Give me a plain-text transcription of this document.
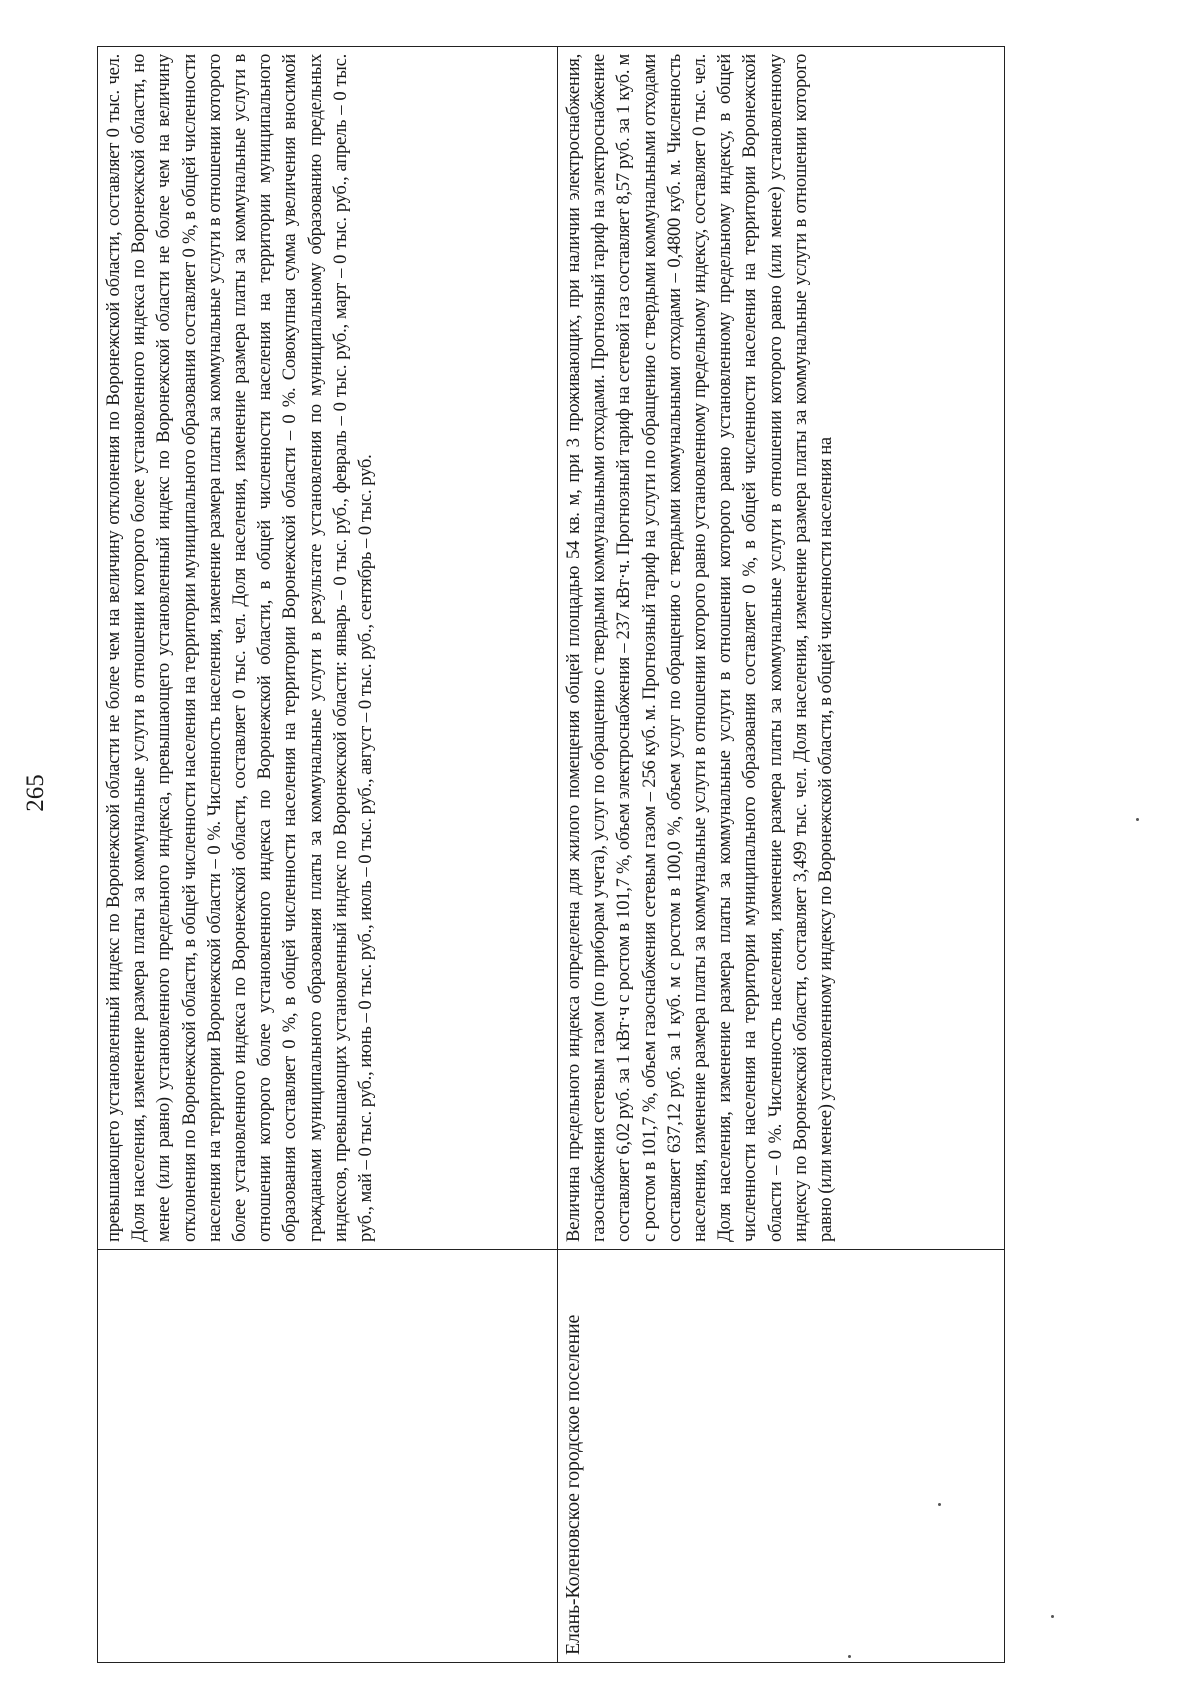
265

	превышающего установленный индекс по Воронежской области не более чем на величину отклонения по Воронежской области, составляет 0 тыс. чел. Доля населения, изменение размера платы за коммунальные услуги в отношении которого более установленного индекса по Воронежской области, но менее (или равно) установленного предельного индекса, превышающего установленный индекс по Воронежской области не более чем на величину отклонения по Воронежской области, в общей численности населения на территории муниципального образования составляет 0 %, в общей численности населения на территории Воронежской области – 0 %. Численность населения, изменение размера платы за коммунальные услуги в отношении которого более установленного индекса по Воронежской области, составляет 0 тыс. чел. Доля населения, изменение размера платы за коммунальные услуги в отношении которого более установленного индекса по Воронежской области, в общей численности населения на территории муниципального образования составляет 0 %, в общей численности населения на территории Воронежской области – 0 %. Совокупная сумма увеличения вносимой гражданами муниципального образования платы за коммунальные услуги в результате установления по муниципальному образованию предельных индексов, превышающих установленный индекс по Воронежской области: январь – 0 тыс. руб., февраль – 0 тыс. руб., март – 0 тыс. руб., апрель – 0 тыс. руб., май – 0 тыс. руб., июнь – 0 тыс. руб., июль – 0 тыс. руб., август – 0 тыс. руб., сентябрь – 0 тыс. руб.

Елань-Коленовское городское поселение	Величина предельного индекса определена для жилого помещения общей площадью 54 кв. м, при 3 проживающих, при наличии электроснабжения, газоснабжения сетевым газом (по приборам учета), услуг по обращению с твердыми коммунальными отходами. Прогнозный тариф на электроснабжение составляет 6,02 руб. за 1 кВт·ч с ростом в 101,7 %, объем электроснабжения – 237 кВт·ч. Прогнозный тариф на сетевой газ составляет 8,57 руб. за 1 куб. м с ростом в 101,7 %, объем газоснабжения сетевым газом – 256 куб. м. Прогнозный тариф на услуги по обращению с твердыми коммунальными отходами составляет 637,12 руб. за 1 куб. м с ростом в 100,0 %, объем услуг по обращению с твердыми коммунальными отходами – 0,4800 куб. м. Численность населения, изменение размера платы за коммунальные услуги в отношении которого равно установленному предельному индексу, составляет 0 тыс. чел. Доля населения, изменение размера платы за коммунальные услуги в отношении которого равно установленному предельному индексу, в общей численности населения на территории муниципального образования составляет 0 %, в общей численности населения на территории Воронежской области – 0 %. Численность населения, изменение размера платы за коммунальные услуги в отношении которого равно (или менее) установленному индексу по Воронежской области, составляет 3,499 тыс. чел. Доля населения, изменение размера платы за коммунальные услуги в отношении которого равно (или менее) установленному индексу по Воронежской области, в общей численности населения на
